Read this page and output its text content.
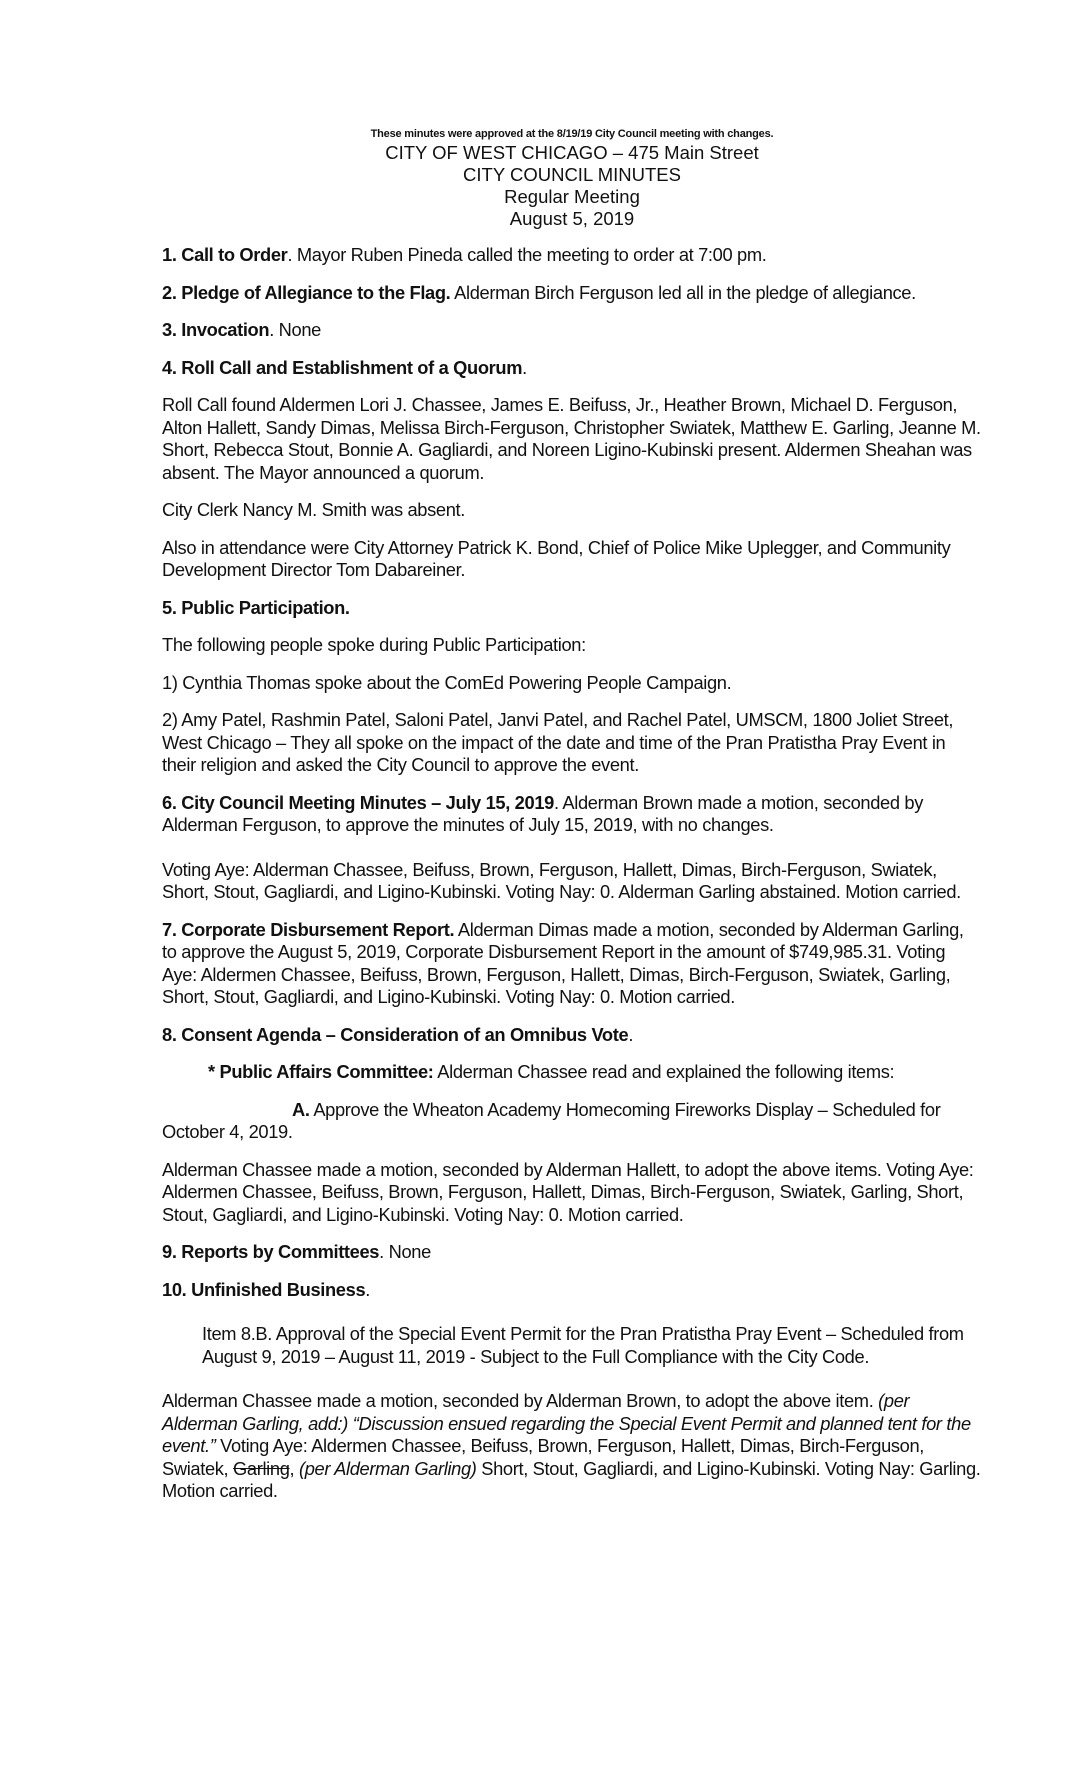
These minutes were approved at the 8/19/19 City Council meeting with changes.
CITY OF WEST CHICAGO – 475 Main Street
CITY COUNCIL MINUTES
Regular Meeting
August 5, 2019

1. Call to Order. Mayor Ruben Pineda called the meeting to order at 7:00 pm.

2. Pledge of Allegiance to the Flag. Alderman Birch Ferguson led all in the pledge of allegiance.

3. Invocation. None

4. Roll Call and Establishment of a Quorum.

Roll Call found Aldermen Lori J. Chassee, James E. Beifuss, Jr., Heather Brown, Michael D. Ferguson, Alton Hallett, Sandy Dimas, Melissa Birch-Ferguson, Christopher Swiatek, Matthew E. Garling, Jeanne M. Short, Rebecca Stout, Bonnie A. Gagliardi, and Noreen Ligino-Kubinski present. Aldermen Sheahan was absent. The Mayor announced a quorum.

City Clerk Nancy M. Smith was absent.

Also in attendance were City Attorney Patrick K. Bond, Chief of Police Mike Uplegger, and Community Development Director Tom Dabareiner.

5. Public Participation.

The following people spoke during Public Participation:

1) Cynthia Thomas spoke about the ComEd Powering People Campaign.

2) Amy Patel, Rashmin Patel, Saloni Patel, Janvi Patel, and Rachel Patel, UMSCM, 1800 Joliet Street, West Chicago – They all spoke on the impact of the date and time of the Pran Pratistha Pray Event in their religion and asked the City Council to approve the event.

6. City Council Meeting Minutes – July 15, 2019. Alderman Brown made a motion, seconded by Alderman Ferguson, to approve the minutes of July 15, 2019, with no changes.

Voting Aye: Alderman Chassee, Beifuss, Brown, Ferguson, Hallett, Dimas, Birch-Ferguson, Swiatek, Short, Stout, Gagliardi, and Ligino-Kubinski. Voting Nay: 0. Alderman Garling abstained. Motion carried.

7. Corporate Disbursement Report. Alderman Dimas made a motion, seconded by Alderman Garling, to approve the August 5, 2019, Corporate Disbursement Report in the amount of $749,985.31. Voting Aye: Aldermen Chassee, Beifuss, Brown, Ferguson, Hallett, Dimas, Birch-Ferguson, Swiatek, Garling, Short, Stout, Gagliardi, and Ligino-Kubinski. Voting Nay: 0. Motion carried.

8. Consent Agenda – Consideration of an Omnibus Vote.

* Public Affairs Committee: Alderman Chassee read and explained the following items:

A. Approve the Wheaton Academy Homecoming Fireworks Display – Scheduled for October 4, 2019.

Alderman Chassee made a motion, seconded by Alderman Hallett, to adopt the above items. Voting Aye: Aldermen Chassee, Beifuss, Brown, Ferguson, Hallett, Dimas, Birch-Ferguson, Swiatek, Garling, Short, Stout, Gagliardi, and Ligino-Kubinski. Voting Nay: 0. Motion carried.

9. Reports by Committees. None

10. Unfinished Business.

Item 8.B. Approval of the Special Event Permit for the Pran Pratistha Pray Event – Scheduled from August 9, 2019 – August 11, 2019 - Subject to the Full Compliance with the City Code.

Alderman Chassee made a motion, seconded by Alderman Brown, to adopt the above item. (per Alderman Garling, add:) “Discussion ensued regarding the Special Event Permit and planned tent for the event.” Voting Aye: Aldermen Chassee, Beifuss, Brown, Ferguson, Hallett, Dimas, Birch-Ferguson, Swiatek, Garling, (per Alderman Garling) Short, Stout, Gagliardi, and Ligino-Kubinski. Voting Nay: Garling. Motion carried.
